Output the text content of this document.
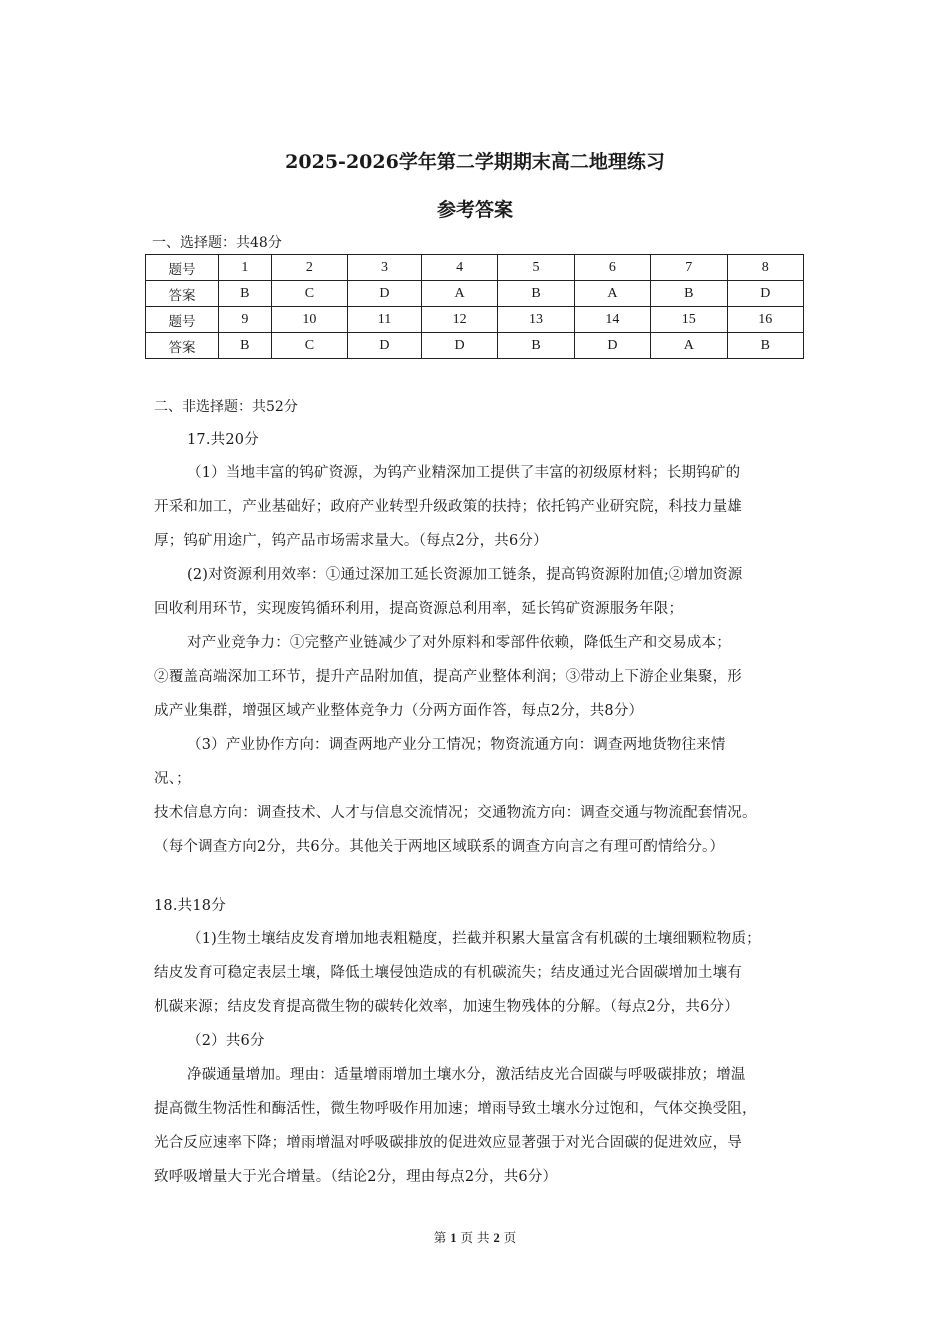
2025-2026学年第二学期期末高二地理练习
参考答案
一、选择题：共48分
题号	1	2	3	4	5	6	7	8
答案	B	C	D	A	B	A	B	D
题号	9	10	11	12	13	14	15	16
答案	B	C	D	D	B	D	A	B
二、非选择题：共52分
17.共20分
（1）当地丰富的钨矿资源，为钨产业精深加工提供了丰富的初级原材料；长期钨矿的
开采和加工，产业基础好；政府产业转型升级政策的扶持；依托钨产业研究院，科技力量雄
厚；钨矿用途广，钨产品市场需求量大。（每点2分，共6分）
(2)对资源利用效率：①通过深加工延长资源加工链条，提高钨资源附加值;②增加资源
回收利用环节，实现废钨循环利用，提高资源总利用率，延长钨矿资源服务年限；
对产业竞争力：①完整产业链减少了对外原料和零部件依赖，降低生产和交易成本；
②覆盖高端深加工环节，提升产品附加值，提高产业整体利润；③带动上下游企业集聚，形
成产业集群，增强区域产业整体竞争力（分两方面作答，每点2分，共8分）
（3）产业协作方向：调查两地产业分工情况；物资流通方向：调查两地货物往来情
况、；
技术信息方向：调查技术、人才与信息交流情况；交通物流方向：调查交通与物流配套情况。
（每个调查方向2分，共6分。其他关于两地区域联系的调查方向言之有理可酌情给分。）
18.共18分
（1)生物土壤结皮发育增加地表粗糙度，拦截并积累大量富含有机碳的土壤细颗粒物质；
结皮发育可稳定表层土壤，降低土壤侵蚀造成的有机碳流失；结皮通过光合固碳增加土壤有
机碳来源；结皮发育提高微生物的碳转化效率，加速生物残体的分解。（每点2分，共6分）
（2）共6分
净碳通量增加。理由：适量增雨增加土壤水分，激活结皮光合固碳与呼吸碳排放；增温
提高微生物活性和酶活性，微生物呼吸作用加速；增雨导致土壤水分过饱和，气体交换受阻，
光合反应速率下降；增雨增温对呼吸碳排放的促进效应显著强于对光合固碳的促进效应，导
致呼吸增量大于光合增量。（结论2分，理由每点2分，共6分）
第 1 页 共 2 页
